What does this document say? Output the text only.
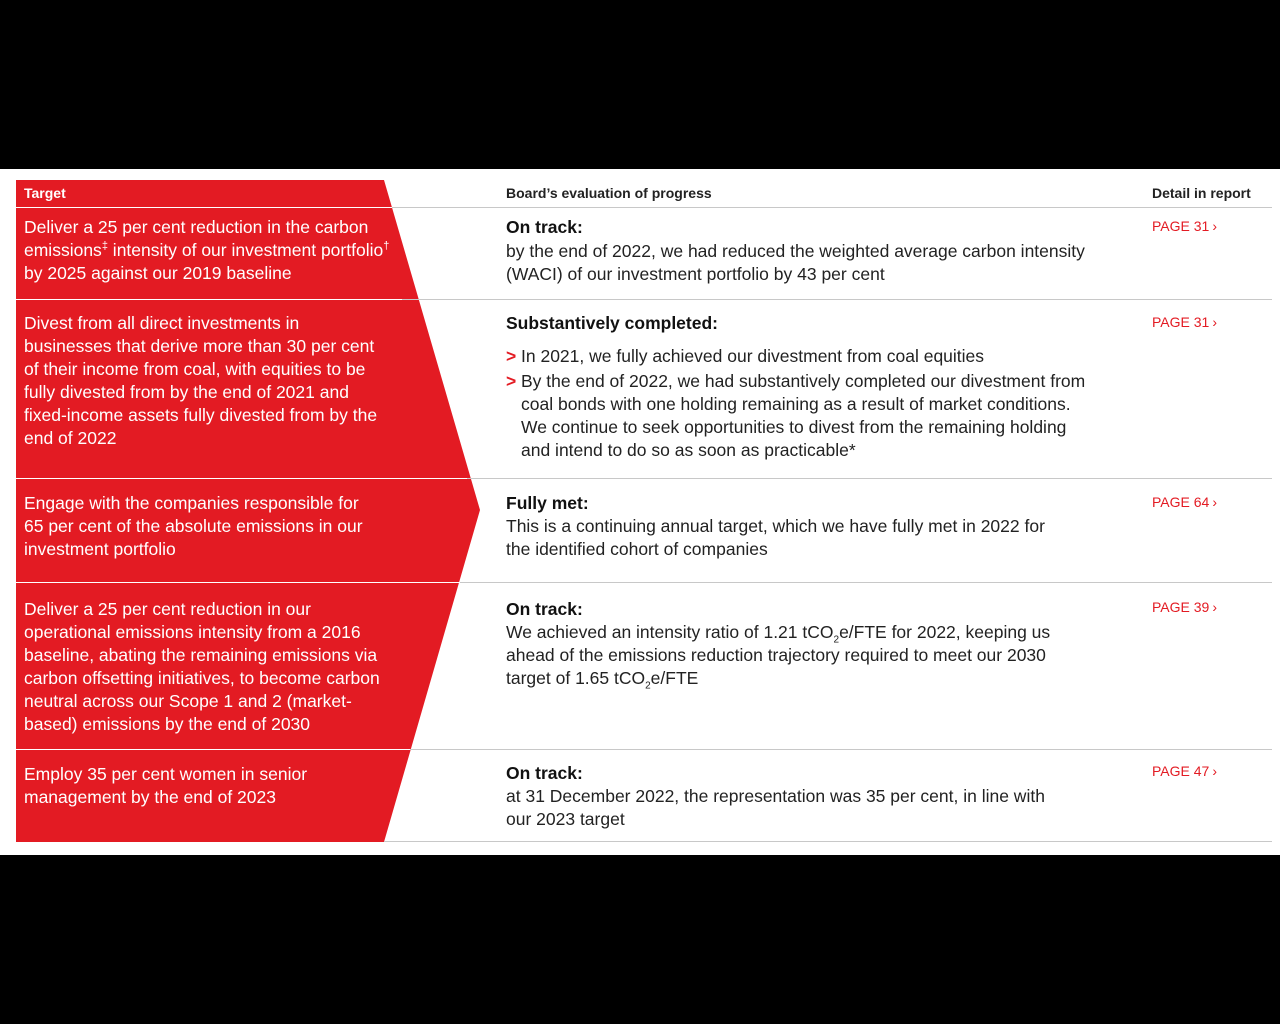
Target	Board’s evaluation of progress	Detail in report

Deliver a 25 per cent reduction in the carbon emissions‡ intensity of our investment portfolio† by 2025 against our 2019 baseline

On track:

by the end of 2022, we had reduced the weighted average carbon intensity (WACI) of our investment portfolio by 43 per cent

PAGE 31 ›

Divest from all direct investments in businesses that derive more than 30 per cent of their income from coal, with equities to be fully divested from by the end of 2021 and fixed-income assets fully divested from by the end of 2022

Substantively completed:

> In 2021, we fully achieved our divestment from coal equities
> By the end of 2022, we had substantively completed our divestment from coal bonds with one holding remaining as a result of market conditions. We continue to seek opportunities to divest from the remaining holding and intend to do so as soon as practicable*
PAGE 31 ›

Engage with the companies responsible for 65 per cent of the absolute emissions in our investment portfolio

Fully met:

This is a continuing annual target, which we have fully met in 2022 for the identified cohort of companies

PAGE 64 ›

Deliver a 25 per cent reduction in our operational emissions intensity from a 2016 baseline, abating the remaining emissions via carbon offsetting initiatives, to become carbon neutral across our Scope 1 and 2 (market-based) emissions by the end of 2030

On track:

We achieved an intensity ratio of 1.21 tCO$_2$e/FTE for 2022, keeping us ahead of the emissions reduction trajectory required to meet our 2030 target of 1.65 tCO$_2$e/FTE

PAGE 39 ›

Employ 35 per cent women in senior management by the end of 2023

On track:

at 31 December 2022, the representation was 35 per cent, in line with our 2023 target

PAGE 47 ›
